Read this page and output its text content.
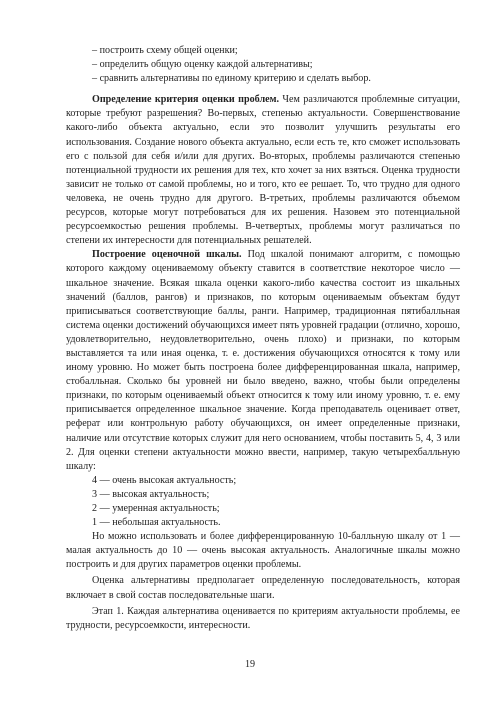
– построить схему общей оценки;

– определить общую оценку каждой альтернативы;

– сравнить альтернативы по единому критерию и сделать выбор.

Определение критерия оценки проблем. Чем различаются проблемные ситуации, которые требуют разрешения? Во-первых, степенью актуальности. Совершенствование какого-либо объекта актуально, если это позволит улучшить результаты его использования. Создание нового объекта актуально, если есть те, кто сможет использовать его с пользой для себя и/или для других. Во-вторых, проблемы различаются степенью потенциальной трудности их решения для тех, кто хочет за них взяться. Оценка трудности зависит не только от самой проблемы, но и того, кто ее решает. То, что трудно для одного человека, не очень трудно для другого. В-третьих, проблемы различаются объемом ресурсов, которые могут потребоваться для их решения. Назовем это потенциальной ресурсоемкостью решения проблемы. В-четвертых, проблемы могут различаться по степени их интересности для потенциальных решателей.

Построение оценочной шкалы. Под шкалой понимают алгоритм, с помощью которого каждому оцениваемому объекту ставится в соответствие некоторое число — шкальное значение. Всякая шкала оценки какого-либо качества состоит из шкальных значений (баллов, рангов) и признаков, по которым оцениваемым объектам будут приписываться соответствующие баллы, ранги. Например, традиционная пятибалльная система оценки достижений обучающихся имеет пять уровней градации (отлично, хорошо, удовлетворительно, неудовлетворительно, очень плохо) и признаки, по которым выставляется та или иная оценка, т. е. достижения обучающихся относятся к тому или иному уровню. Но может быть построена более дифференцированная шкала, например, стобалльная. Сколько бы уровней ни было введено, важно, чтобы были определены признаки, по которым оцениваемый объект относится к тому или иному уровню, т. е. ему приписывается определенное шкальное значение. Когда преподаватель оценивает ответ, реферат или контрольную работу обучающихся, он имеет определенные признаки, наличие или отсутствие которых служит для него основанием, чтобы поставить 5, 4, 3 или 2. Для оценки степени актуальности можно ввести, например, такую четырехбалльную шкалу:

4 — очень высокая актуальность;

3 — высокая актуальность;

2 — умеренная актуальность;

1 — небольшая актуальность.

Но можно использовать и более дифференцированную 10-балльную шкалу от 1 — малая актуальность до 10 — очень высокая актуальность. Аналогичные шкалы можно построить и для других параметров оценки проблемы.

Оценка альтернативы предполагает определенную последовательность, которая включает в свой состав последовательные шаги.

Этап 1. Каждая альтернатива оценивается по критериям актуальности проблемы, ее трудности, ресурсоемкости, интересности.

19
